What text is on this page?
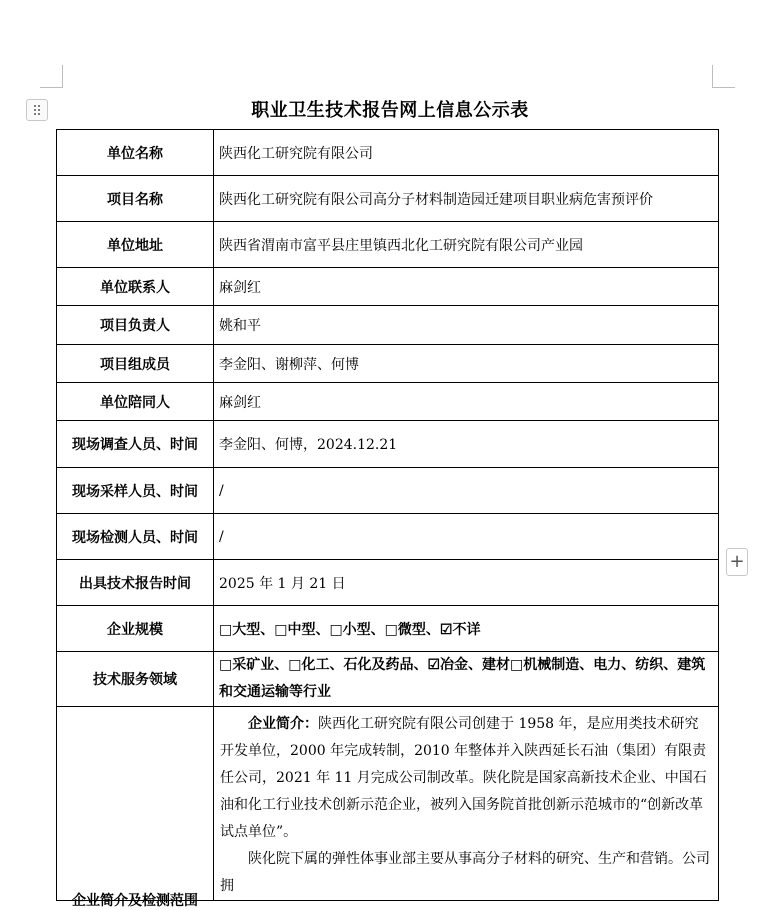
+
职业卫生技术报告网上信息公示表
单位名称	陕西化工研究院有限公司
项目名称	陕西化工研究院有限公司高分子材料制造园迁建项目职业病危害预评价
单位地址	陕西省渭南市富平县庄里镇西北化工研究院有限公司产业园
单位联系人	麻剑红
项目负责人	姚和平
项目组成员	李金阳、谢柳萍、何博
单位陪同人	麻剑红
现场调查人员、时间	李金阳、何博，2024.12.21
现场采样人员、时间	/
现场检测人员、时间	/
出具技术报告时间	2025 年 1 月 21 日
企业规模	□大型、□中型、□小型、□微型、☑不详
技术服务领域	□采矿业、□化工、石化及药品、☑冶金、建材□机械制造、电力、纺织、建筑和交通运输等行业

企业简介及检测范围	企业简介：陕西化工研究院有限公司创建于 1958 年，是应用类技术研究开发单位，2000 年完成转制，2010 年整体并入陕西延长石油（集团）有限责任公司，2021 年 11 月完成公司制改革。陕化院是国家高新技术企业、中国石油和化工行业技术创新示范企业，被列入国务院首批创新示范城市的“创新改革试点单位”。

陕化院下属的弹性体事业部主要从事高分子材料的研究、生产和营销。公司拥
